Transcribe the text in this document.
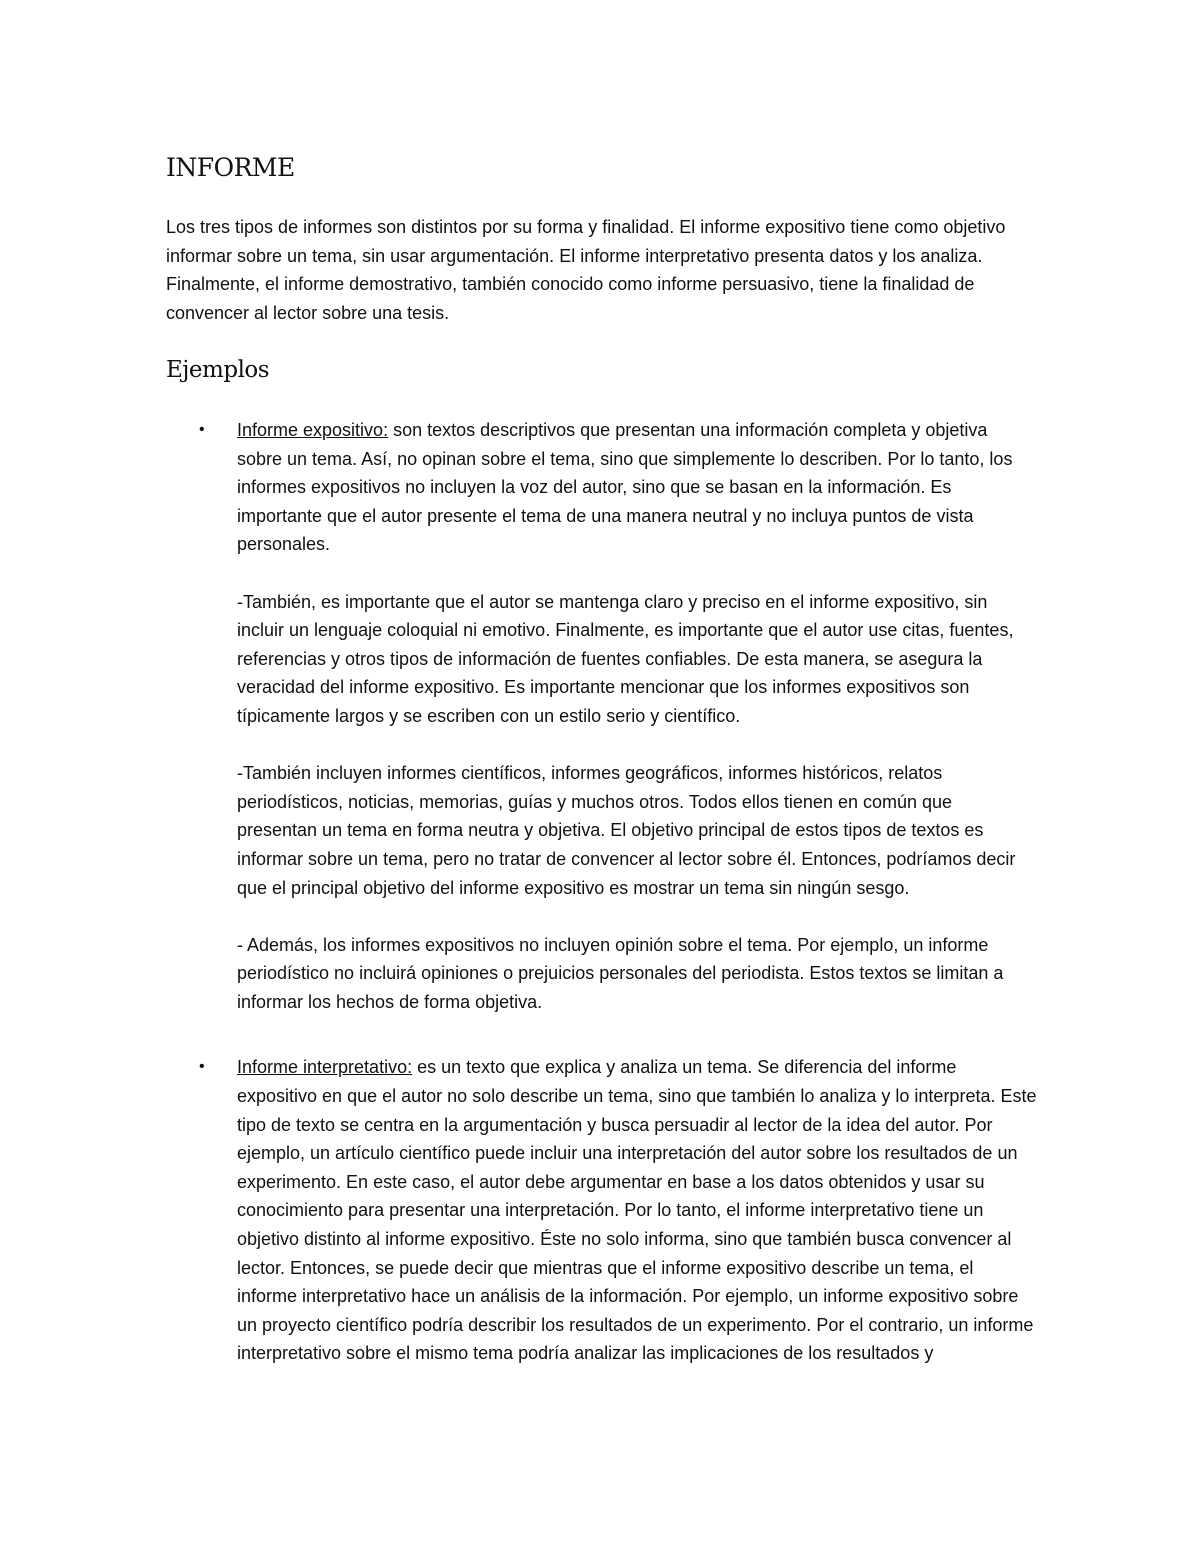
INFORME

Los tres tipos de informes son distintos por su forma y finalidad. El informe expositivo tiene como objetivo informar sobre un tema, sin usar argumentación. El informe interpretativo presenta datos y los analiza. Finalmente, el informe demostrativo, también conocido como informe persuasivo, tiene la finalidad de convencer al lector sobre una tesis.

Ejemplos
• Informe expositivo: son textos descriptivos que presentan una información completa y objetiva sobre un tema. Así, no opinan sobre el tema, sino que simplemente lo describen. Por lo tanto, los informes expositivos no incluyen la voz del autor, sino que se basan en la información. Es importante que el autor presente el tema de una manera neutral y no incluya puntos de vista personales.

-También, es importante que el autor se mantenga claro y preciso en el informe expositivo, sin incluir un lenguaje coloquial ni emotivo. Finalmente, es importante que el autor use citas, fuentes, referencias y otros tipos de información de fuentes confiables. De esta manera, se asegura la veracidad del informe expositivo. Es importante mencionar que los informes expositivos son típicamente largos y se escriben con un estilo serio y científico.

-También incluyen informes científicos, informes geográficos, informes históricos, relatos periodísticos, noticias, memorias, guías y muchos otros. Todos ellos tienen en común que presentan un tema en forma neutra y objetiva. El objetivo principal de estos tipos de textos es informar sobre un tema, pero no tratar de convencer al lector sobre él. Entonces, podríamos decir que el principal objetivo del informe expositivo es mostrar un tema sin ningún sesgo.

- Además, los informes expositivos no incluyen opinión sobre el tema. Por ejemplo, un informe periodístico no incluirá opiniones o prejuicios personales del periodista. Estos textos se limitan a informar los hechos de forma objetiva.

• Informe interpretativo: es un texto que explica y analiza un tema. Se diferencia del informe expositivo en que el autor no solo describe un tema, sino que también lo analiza y lo interpreta. Este tipo de texto se centra en la argumentación y busca persuadir al lector de la idea del autor. Por ejemplo, un artículo científico puede incluir una interpretación del autor sobre los resultados de un experimento. En este caso, el autor debe argumentar en base a los datos obtenidos y usar su conocimiento para presentar una interpretación. Por lo tanto, el informe interpretativo tiene un objetivo distinto al informe expositivo. Éste no solo informa, sino que también busca convencer al lector. Entonces, se puede decir que mientras que el informe expositivo describe un tema, el informe interpretativo hace un análisis de la información. Por ejemplo, un informe expositivo sobre un proyecto científico podría describir los resultados de un experimento. Por el contrario, un informe interpretativo sobre el mismo tema podría analizar las implicaciones de los resultados y
